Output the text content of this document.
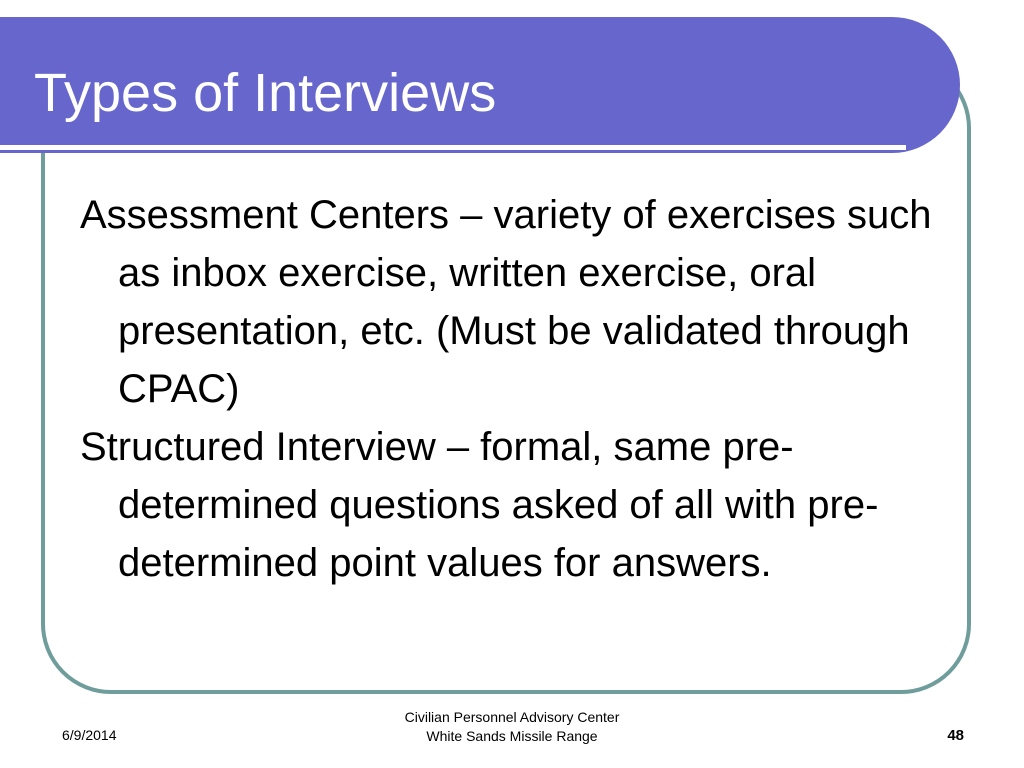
Types of Interviews
Assessment Centers – variety of exercises such as inbox exercise, written exercise, oral presentation, etc. (Must be validated through CPAC)
Structured Interview – formal, same pre-determined questions asked of all with pre-determined point values for answers.
6/9/2014
Civilian Personnel Advisory Center
White Sands Missile Range	48
